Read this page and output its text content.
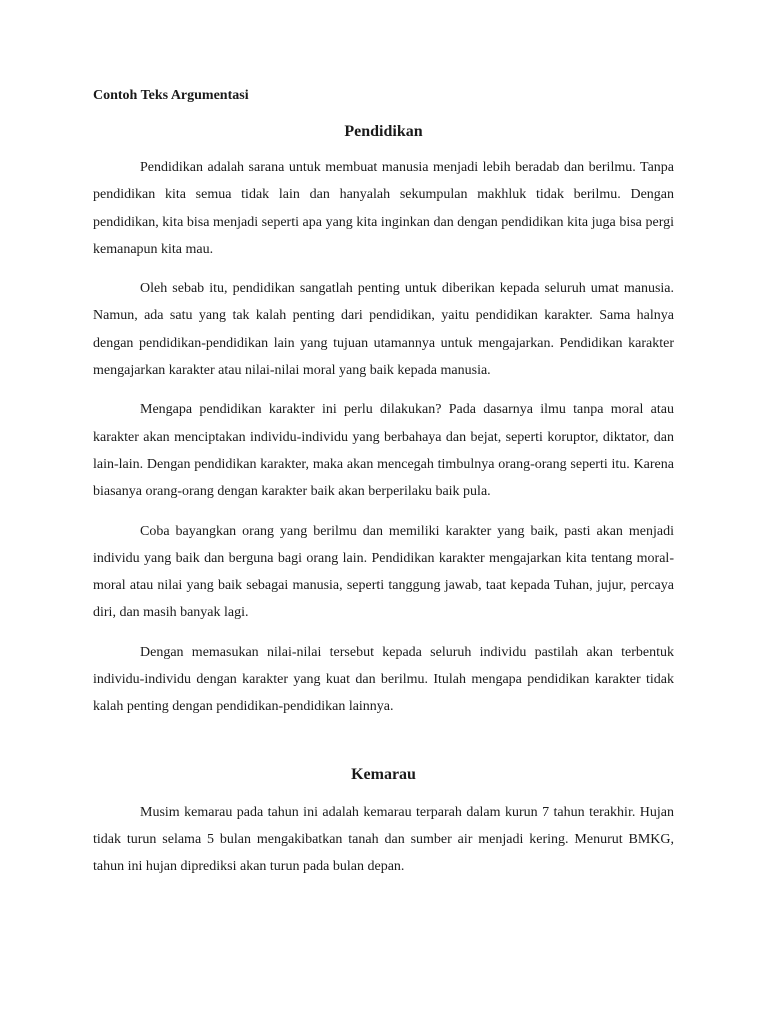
Contoh Teks Argumentasi
Pendidikan

Pendidikan adalah sarana untuk membuat manusia menjadi lebih beradab dan berilmu. Tanpa pendidikan kita semua tidak lain dan hanyalah sekumpulan makhluk tidak berilmu. Dengan pendidikan, kita bisa menjadi seperti apa yang kita inginkan dan dengan pendidikan kita juga bisa pergi kemanapun kita mau.

Oleh sebab itu, pendidikan sangatlah penting untuk diberikan kepada seluruh umat manusia. Namun, ada satu yang tak kalah penting dari pendidikan, yaitu pendidikan karakter. Sama halnya dengan pendidikan-pendidikan lain yang tujuan utamannya untuk mengajarkan. Pendidikan karakter mengajarkan karakter atau nilai-nilai moral yang baik kepada manusia.

Mengapa pendidikan karakter ini perlu dilakukan? Pada dasarnya ilmu tanpa moral atau karakter akan menciptakan individu-individu yang berbahaya dan bejat, seperti koruptor, diktator, dan lain-lain. Dengan pendidikan karakter, maka akan mencegah timbulnya orang-orang seperti itu. Karena biasanya orang-orang dengan karakter baik akan berperilaku baik pula.

Coba bayangkan orang yang berilmu dan memiliki karakter yang baik, pasti akan menjadi individu yang baik dan berguna bagi orang lain. Pendidikan karakter mengajarkan kita tentang moral-moral atau nilai yang baik sebagai manusia, seperti tanggung jawab, taat kepada Tuhan, jujur, percaya diri, dan masih banyak lagi.

Dengan memasukan nilai-nilai tersebut kepada seluruh individu pastilah akan terbentuk individu-individu dengan karakter yang kuat dan berilmu. Itulah mengapa pendidikan karakter tidak kalah penting dengan pendidikan-pendidikan lainnya.

Kemarau

Musim kemarau pada tahun ini adalah kemarau terparah dalam kurun 7 tahun terakhir. Hujan tidak turun selama 5 bulan mengakibatkan tanah dan sumber air menjadi kering. Menurut BMKG, tahun ini hujan diprediksi akan turun pada bulan depan.
